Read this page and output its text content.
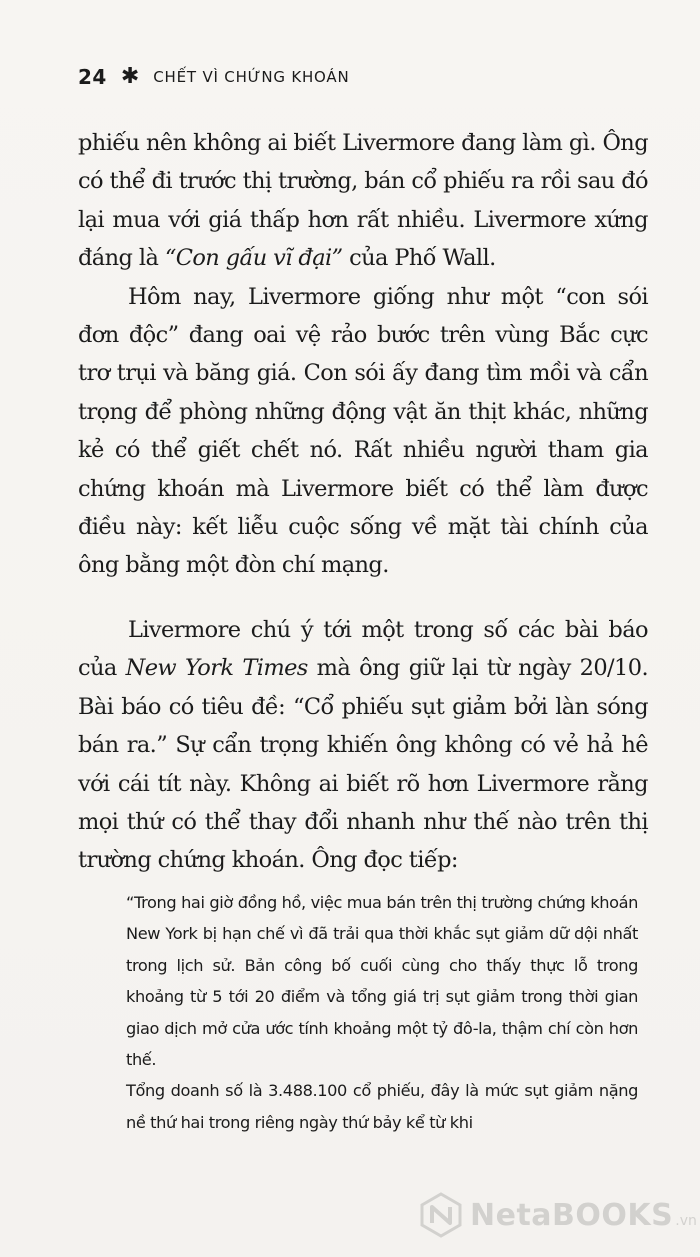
24 ✱ CHẾT VÌ CHỨNG KHOÁN

phiếu nên không ai biết Livermore đang làm gì. Ông có thể đi trước thị trường, bán cổ phiếu ra rồi sau đó lại mua với giá thấp hơn rất nhiều. Livermore xứng đáng là “Con gấu vĩ đại” của Phố Wall.

Hôm nay, Livermore giống như một “con sói đơn độc” đang oai vệ rảo bước trên vùng Bắc cực trơ trụi và băng giá. Con sói ấy đang tìm mồi và cẩn trọng để phòng những động vật ăn thịt khác, những kẻ có thể giết chết nó. Rất nhiều người tham gia chứng khoán mà Livermore biết có thể làm được điều này: kết liễu cuộc sống về mặt tài chính của ông bằng một đòn chí mạng.

Livermore chú ý tới một trong số các bài báo của New York Times mà ông giữ lại từ ngày 20/10. Bài báo có tiêu đề: “Cổ phiếu sụt giảm bởi làn sóng bán ra.” Sự cẩn trọng khiến ông không có vẻ hả hê với cái tít này. Không ai biết rõ hơn Livermore rằng mọi thứ có thể thay đổi nhanh như thế nào trên thị trường chứng khoán. Ông đọc tiếp:

“Trong hai giờ đồng hồ, việc mua bán trên thị trường chứng khoán New York bị hạn chế vì đã trải qua thời khắc sụt giảm dữ dội nhất trong lịch sử. Bản công bố cuối cùng cho thấy thực lỗ trong khoảng từ 5 tới 20 điểm và tổng giá trị sụt giảm trong thời gian giao dịch mở cửa ước tính khoảng một tỷ đô-la, thậm chí còn hơn thế.

Tổng doanh số là 3.488.100 cổ phiếu, đây là mức sụt giảm nặng nề thứ hai trong riêng ngày thứ bảy kể từ khi

NetaBOOKS .vn
